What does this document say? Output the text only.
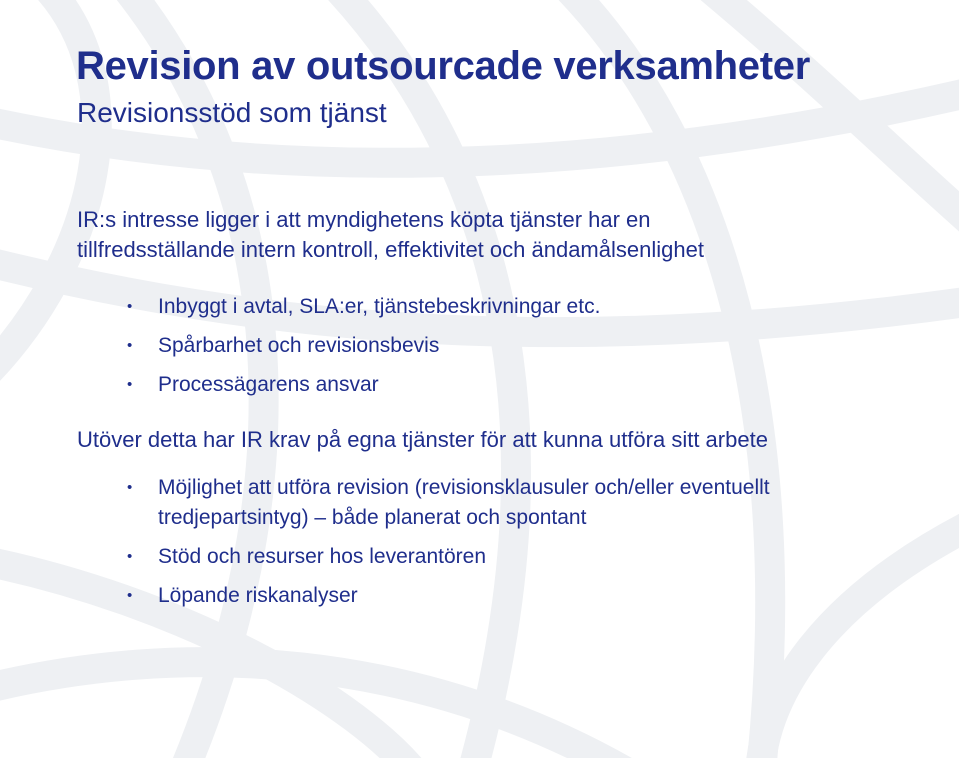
Revision av outsourcade verksamheter
Revisionsstöd som tjänst

IR:s intresse ligger i att myndighetens köpta tjänster har en
tillfredsställande intern kontroll, effektivitet och ändamålsenlighet

• Inbyggt i avtal, SLA:er, tjänstebeskrivningar etc.
• Spårbarhet och revisionsbevis
• Processägarens ansvar

Utöver detta har IR krav på egna tjänster för att kunna utföra sitt arbete

• Möjlighet att utföra revision (revisionsklausuler och/eller eventuellt
tredjepartsintyg) – både planerat och spontant
• Stöd och resurser hos leverantören
• Löpande riskanalyser
